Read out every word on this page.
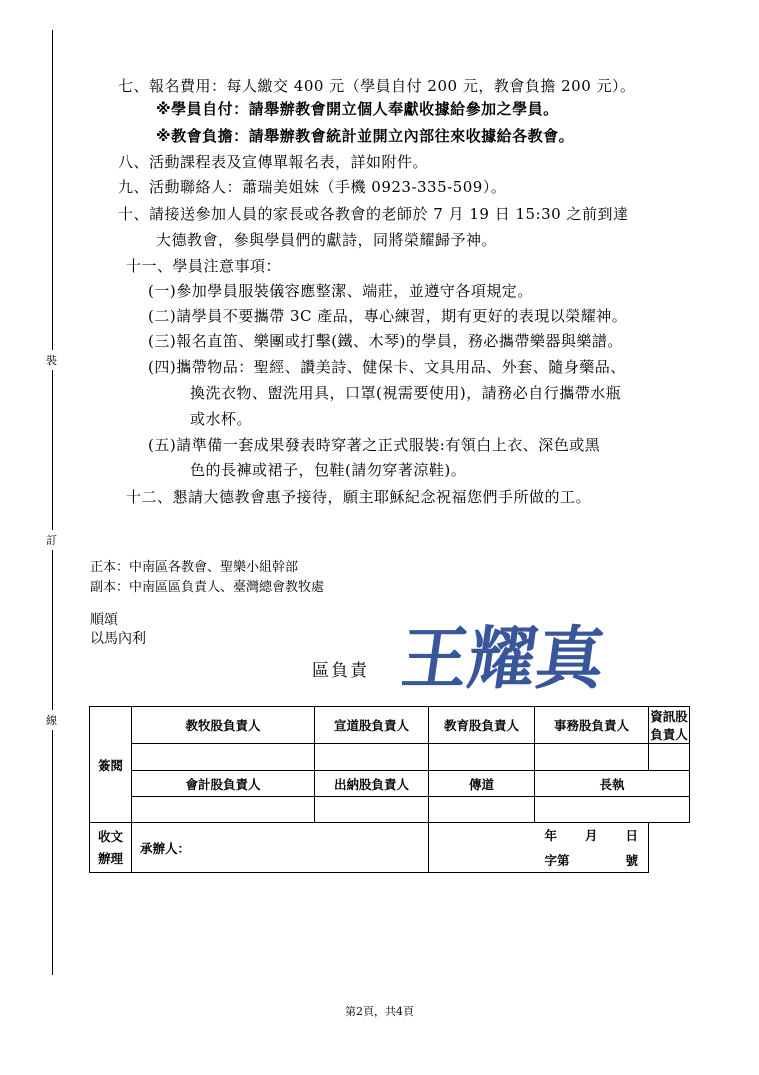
裝
訂
線
七、報名費用：每人繳交 400 元（學員自付 200 元，教會負擔 200 元）。
※學員自付：請舉辦教會開立個人奉獻收據給參加之學員。
※教會負擔：請舉辦教會統計並開立內部往來收據給各教會。
八、活動課程表及宣傳單報名表，詳如附件。
九、活動聯絡人：蕭瑞美姐妹（手機 0923-335-509）。
十、請接送參加人員的家長或各教會的老師於 7 月 19 日 15:30 之前到達
大德教會，參與學員們的獻詩，同將榮耀歸予神。
十一、學員注意事項：
(一)參加學員服裝儀容應整潔、端莊，並遵守各項規定。
(二)請學員不要攜帶 3C 產品，專心練習，期有更好的表現以榮耀神。
(三)報名直笛、樂團或打擊(鐵、木琴)的學員，務必攜帶樂器與樂譜。
(四)攜帶物品：聖經、讚美詩、健保卡、文具用品、外套、隨身藥品、
換洗衣物、盥洗用具，口罩(視需要使用)，請務必自行攜帶水瓶
或水杯。
(五)請準備一套成果發表時穿著之正式服裝:有領白上衣、深色或黑
色的長褲或裙子，包鞋(請勿穿著涼鞋)。
十二、懇請大德教會惠予接待，願主耶穌紀念祝福您們手所做的工。
正本：中南區各教會、聖樂小組幹部
副本：中南區區負責人、臺灣總會教牧處
順頌
以馬內利
區負責 王耀真
簽閱	教牧股負責人	宣道股負責人	教育股負責人	事務股負責人	資訊股負責人

	會計股負責人	出納股負責人	傳道	長執	

收文
辦理	承辦人：		年 月 日		
			字第 號		
第2頁，共4頁
